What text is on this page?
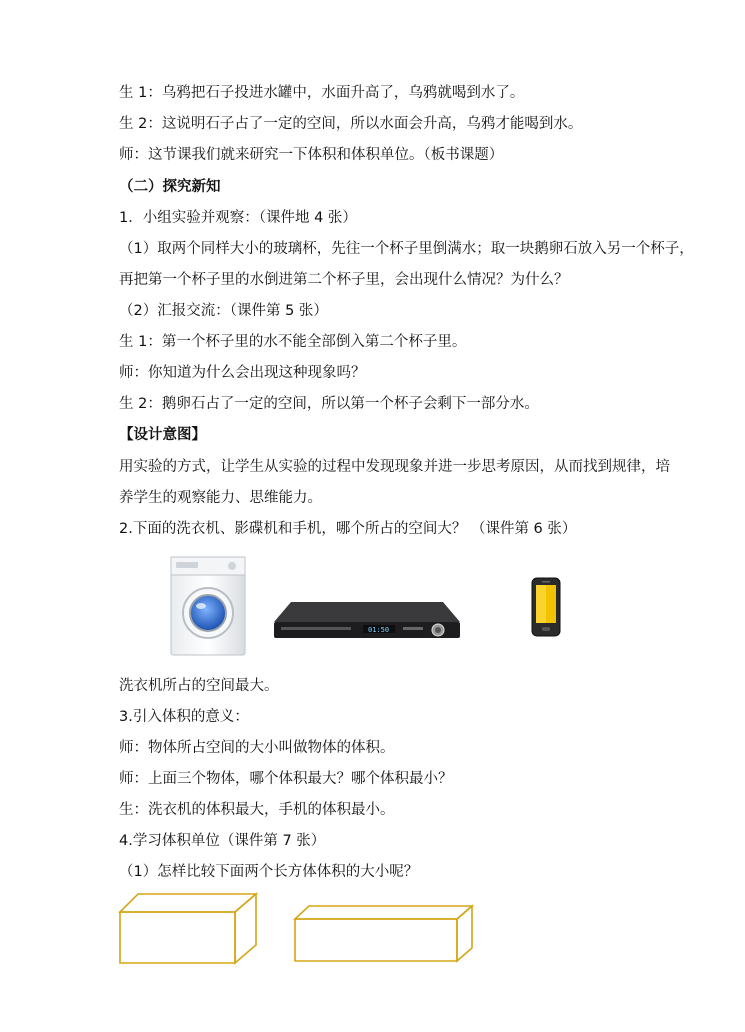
生 1：乌鸦把石子投进水罐中，水面升高了，乌鸦就喝到水了。
生 2：这说明石子占了一定的空间，所以水面会升高，乌鸦才能喝到水。
师：这节课我们就来研究一下体积和体积单位。（板书课题）
（二）探究新知
1．小组实验并观察：（课件地 4 张）
（1）取两个同样大小的玻璃杯，先往一个杯子里倒满水；取一块鹅卵石放入另一个杯子，
再把第一个杯子里的水倒进第二个杯子里，会出现什么情况？为什么？
（2）汇报交流：（课件第 5 张）
生 1：第一个杯子里的水不能全部倒入第二个杯子里。
师：你知道为什么会出现这种现象吗？
生 2：鹅卵石占了一定的空间，所以第一个杯子会剩下一部分水。
【设计意图】
用实验的方式，让学生从实验的过程中发现现象并进一步思考原因，从而找到规律，培
养学生的观察能力、思维能力。
2.下面的洗衣机、影碟机和手机，哪个所占的空间大？ （课件第 6 张）
01:50
洗衣机所占的空间最大。
3.引入体积的意义：
师：物体所占空间的大小叫做物体的体积。
师：上面三个物体，哪个体积最大？哪个体积最小？
生：洗衣机的体积最大，手机的体积最小。
4.学习体积单位（课件第 7 张）
（1）怎样比较下面两个长方体体积的大小呢？
